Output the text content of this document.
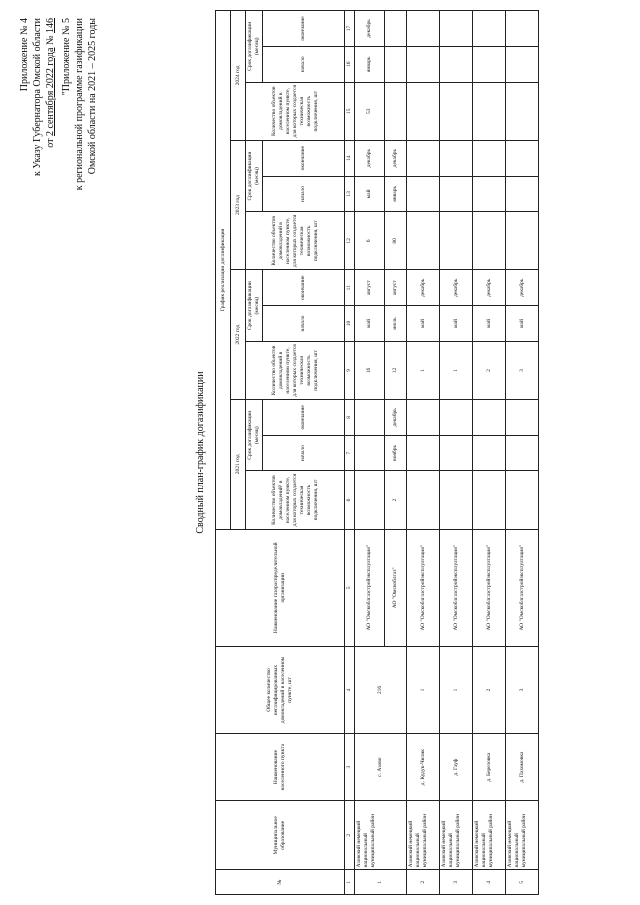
Приложение № 4 к Указу Губернатора Омской области от 2 сентября 2022 года № 146 "Приложение № 5 к региональной программе газификации Омской области на 2021 – 2025 годы
Сводный план-график догазификации
№	Муниципальное образование	Наименование населенного пункта	Общее количество негазифицированных домовладений в населенном пункте, шт	Наименование газораспределительной организации	График реализации догазификации											
					2021 год			2022 год			2023 год			2024 год		
					Количество объектов домовладений¹ в населенном пункте, для которых создается техническая возможность подключения, шт	Срок догазификации (месяц)		Количество объектов домовладений в населенном пункте, для которых создается техническая возможность подключения, шт	Срок догазификации (месяц)		Количество объектов домовладений в населенном пункте, для которых создается техническая возможность подключения, шт	Срок догазификации (месяц)		Количество объектов домовладений в населенном пункте, для которых создается техническая возможность подключения, шт	Срок догазификации (месяц)	
						начало	окончание		начало	окончание		начало	окончание		начало	окончание
1	2	3	4	5	6	7	8	9	10	11	12	13	14	15	16	17
1	Азовский немецкий национальный муниципальный район	с. Азово	216	АО "Омскоблгазстройэксплуатация"				16	май	август	6	май	декабрь	53	январь	декабрь
				АО "Омскоблгаз"	2	ноябрь	декабрь	12	июль	август	80	январь	декабрь			
2	Азовский немецкий национальный муниципальный район	д. Кудук-Чилик	1	АО "Омскоблгазстройэксплуатация"				1	май	декабрь						
3	Азовский немецкий национальный муниципальный район	д. Гауф	1	АО "Омскоблгазстройэксплуатация"				1	май	декабрь						
4	Азовский немецкий национальный муниципальный район	д. Березовка	2	АО "Омскоблгазстройэксплуатация"				2	май	декабрь						
5	Азовский немецкий национальный муниципальный район	д. Пахомовка	3	АО "Омскоблгазстройэксплуатация"				3	май	декабрь						
